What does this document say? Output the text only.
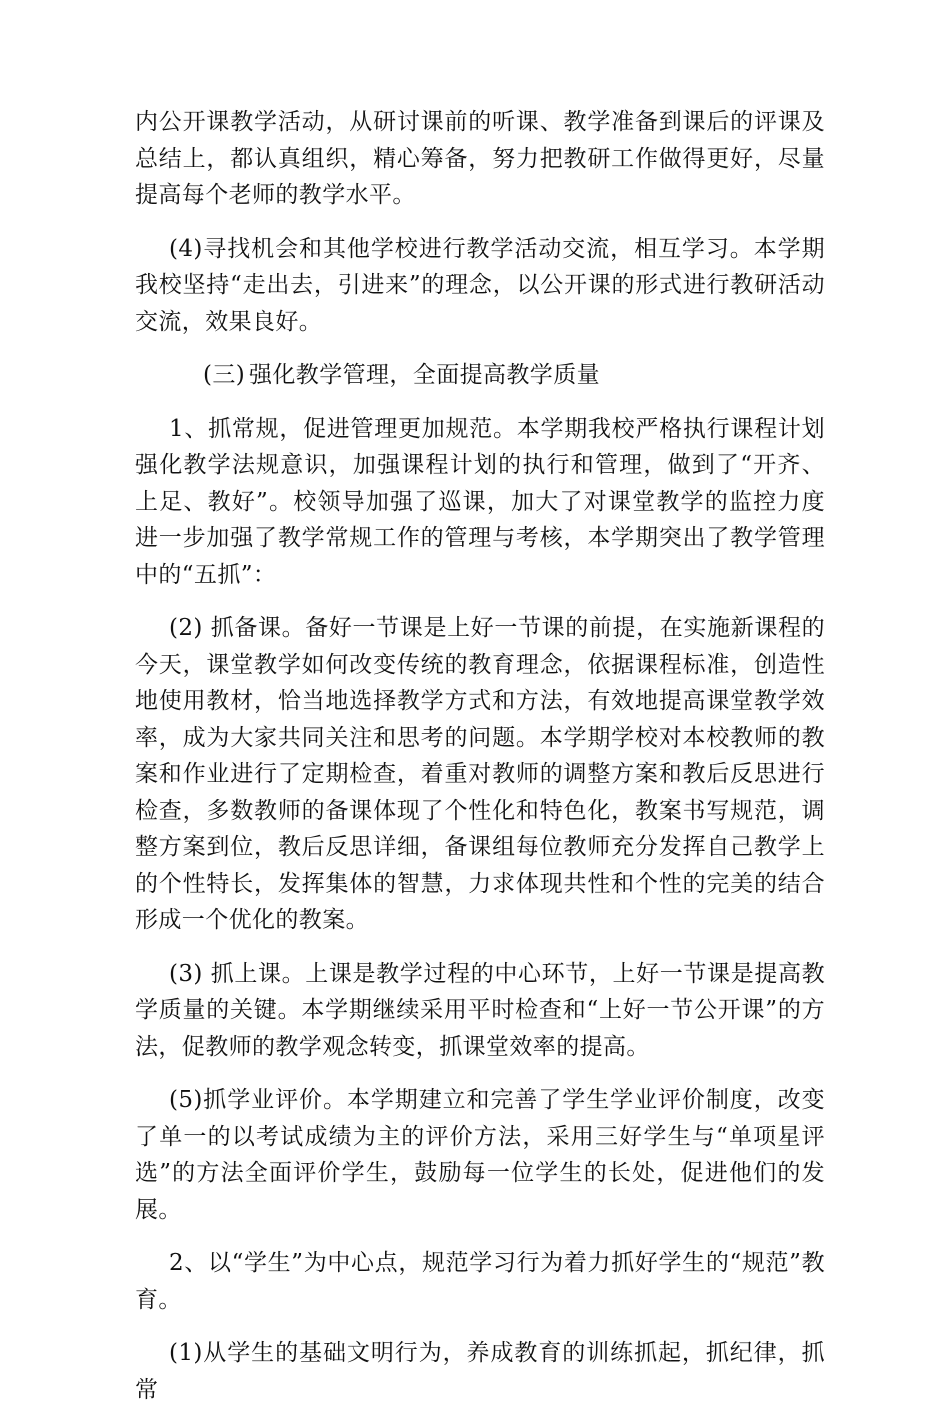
内公开课教学活动，从研讨课前的听课、教学准备到课后的评课及总结上，都认真组织，精心筹备，努力把教研工作做得更好，尽量提高每个老师的教学水平。

(4)寻找机会和其他学校进行教学活动交流，相互学习。本学期我校坚持“走出去，引进来”的理念，以公开课的形式进行教研活动交流，效果良好。

(三) 强化教学管理，全面提高教学质量

1、抓常规，促进管理更加规范。本学期我校严格执行课程计划强化教学法规意识，加强课程计划的执行和管理，做到了“开齐、上足、教好”。校领导加强了巡课，加大了对课堂教学的监控力度进一步加强了教学常规工作的管理与考核，本学期突出了教学管理中的“五抓”：

(2) 抓备课。备好一节课是上好一节课的前提，在实施新课程的今天，课堂教学如何改变传统的教育理念，依据课程标准，创造性地使用教材，恰当地选择教学方式和方法，有效地提高课堂教学效率，成为大家共同关注和思考的问题。本学期学校对本校教师的教案和作业进行了定期检查，着重对教师的调整方案和教后反思进行检查，多数教师的备课体现了个性化和特色化，教案书写规范，调整方案到位，教后反思详细，备课组每位教师充分发挥自己教学上的个性特长，发挥集体的智慧，力求体现共性和个性的完美的结合形成一个优化的教案。

(3) 抓上课。上课是教学过程的中心环节，上好一节课是提高教学质量的关键。本学期继续采用平时检查和“上好一节公开课”的方法，促教师的教学观念转变，抓课堂效率的提高。

(5)抓学业评价。本学期建立和完善了学生学业评价制度，改变了单一的以考试成绩为主的评价方法，采用三好学生与“单项星评选”的方法全面评价学生，鼓励每一位学生的长处，促进他们的发展。

2、以“学生”为中心点，规范学习行为着力抓好学生的“规范”教育。

(1)从学生的基础文明行为，养成教育的训练抓起，抓纪律，抓常
